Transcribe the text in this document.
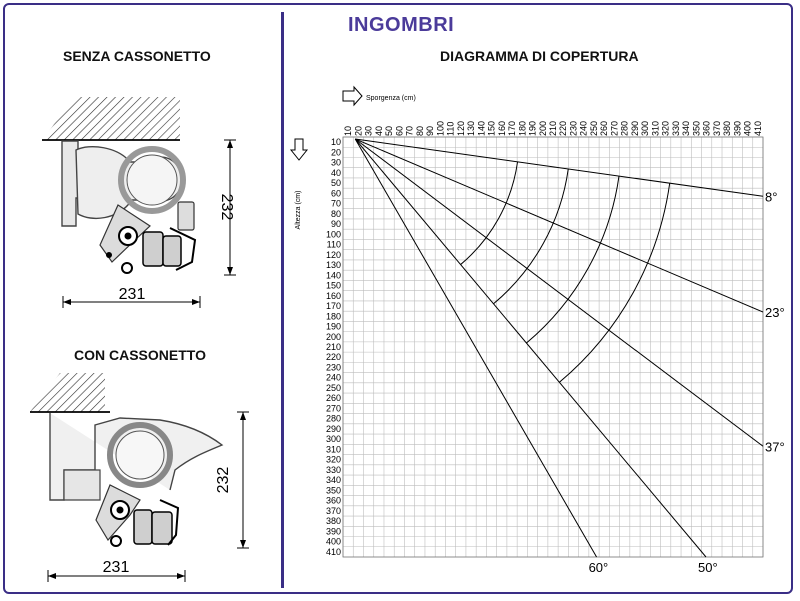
INGOMBRI
SENZA CASSONETTO
CON CASSONETTO
DIAGRAMMA DI COPERTURA
232
231
232
231
10 20 30 40 50 60 70 80 90 100 110 120 130 140 150 160 170 180 190 200 210 220 230 240 250 260 270 280 290 300 310 320 330 340 350 360 370 380 390 400 410
10
20
30
40
50
60
70
80
90
100
110
120
130
140
150
160
170
180
190
200
210
220
230
240
250
260
270
280
290
300
310
320
330
340
350
360
370
380
390
400
410
8°
23°
37°
50°
60°
Sporgenza (cm)
Altezza (cm)
